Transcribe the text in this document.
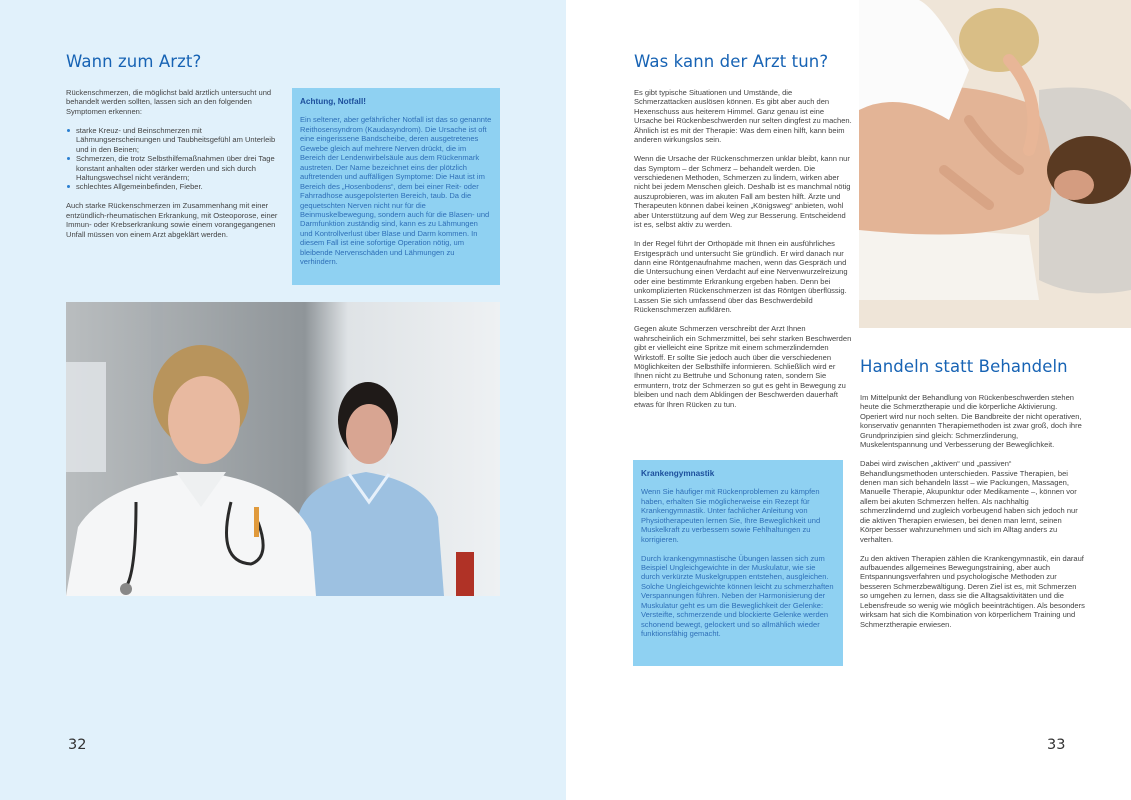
Wann zum Arzt?

Rückenschmerzen, die möglichst bald ärztlich untersucht und behandelt werden sollten, lassen sich an den folgenden Symptomen erkennen:

starke Kreuz- und Beinschmerzen mit Lähmungserscheinungen und Taubheitsgefühl am Unterleib und in den Beinen;
Schmerzen, die trotz Selbsthilfemaßnahmen über drei Tage konstant anhalten oder stärker werden und sich durch Haltungswechsel nicht verändern;
schlechtes Allgemeinbefinden, Fieber.

Auch starke Rückenschmerzen im Zusammenhang mit einer entzündlich-rheumatischen Erkrankung, mit Osteoporose, einer Immun- oder Krebserkrankung sowie einem vorangegangenen Unfall müssen von einem Arzt abgeklärt werden.

Achtung, Notfall!

Ein seltener, aber gefährlicher Notfall ist das so genannte Reithosensyndrom (Kaudasyndrom). Die Ursache ist oft eine eingerissene Bandscheibe, deren ausgetretenes Gewebe gleich auf mehrere Nerven drückt, die im Bereich der Lendenwirbelsäule aus dem Rückenmark austreten. Der Name bezeichnet eins der plötzlich auftretenden und auffälligen Symptome: Die Haut ist im Bereich des „Hosenbodens“, dem bei einer Reit- oder Fahrradhose ausgepolsterten Bereich, taub. Da die gequetschten Nerven nicht nur für die Beinmuskelbewegung, sondern auch für die Blasen- und Darmfunktion zuständig sind, kann es zu Lähmungen und Kontrollverlust über Blase und Darm kommen. In diesem Fall ist eine sofortige Operation nötig, um bleibende Nervenschäden und Lähmungen zu verhindern.

32
Was kann der Arzt tun?

Es gibt typische Situationen und Umstände, die Schmerzattacken auslösen können. Es gibt aber auch den Hexenschuss aus heiterem Himmel. Ganz genau ist eine Ursache bei Rückenbeschwerden nur selten dingfest zu machen. Ähnlich ist es mit der Therapie: Was dem einen hilft, kann beim anderen wirkungslos sein.

Wenn die Ursache der Rückenschmerzen unklar bleibt, kann nur das Symptom – der Schmerz – behandelt werden. Die verschiedenen Methoden, Schmerzen zu lindern, wirken aber nicht bei jedem Menschen gleich. Deshalb ist es manchmal nötig auszuprobieren, was im akuten Fall am besten hilft. Ärzte und Therapeuten können dabei keinen „Königsweg“ anbieten, wohl aber Unterstützung auf dem Weg zur Besserung. Entscheidend ist es, selbst aktiv zu werden.

In der Regel führt der Orthopäde mit Ihnen ein ausführliches Erstgespräch und untersucht Sie gründlich. Er wird danach nur dann eine Röntgenaufnahme machen, wenn das Gespräch und die Untersuchung einen Verdacht auf eine Nervenwurzelreizung oder eine bestimmte Erkrankung ergeben haben. Denn bei unkomplizierten Rückenschmerzen ist das Röntgen überflüssig. Lassen Sie sich umfassend über das Beschwerdebild Rückenschmerzen aufklären.

Gegen akute Schmerzen verschreibt der Arzt Ihnen wahrscheinlich ein Schmerzmittel, bei sehr starken Beschwerden gibt er vielleicht eine Spritze mit einem schmerzlindernden Wirkstoff. Er sollte Sie jedoch auch über die verschiedenen Möglichkeiten der Selbsthilfe informieren. Schließlich wird er Ihnen nicht zu Bettruhe und Schonung raten, sondern Sie ermuntern, trotz der Schmerzen so gut es geht in Bewegung zu bleiben und nach dem Abklingen der Beschwerden dauerhaft etwas für Ihren Rücken zu tun.

Krankengymnastik

Wenn Sie häufiger mit Rückenproblemen zu kämpfen haben, erhalten Sie möglicherweise ein Rezept für Krankengymnastik. Unter fachlicher Anleitung von Physiotherapeuten lernen Sie, Ihre Beweglichkeit und Muskelkraft zu verbessern sowie Fehlhaltungen zu korrigieren.

Durch krankengymnastische Übungen lassen sich zum Beispiel Ungleichgewichte in der Muskulatur, wie sie durch verkürzte Muskelgruppen entstehen, ausgleichen. Solche Ungleichgewichte können leicht zu schmerzhaften Verspannungen führen. Neben der Harmonisierung der Muskulatur geht es um die Beweglichkeit der Gelenke: Versteifte, schmerzende und blockierte Gelenke werden schonend bewegt, gelockert und so allmählich wieder funktionsfähig gemacht.

Handeln statt Behandeln

Im Mittelpunkt der Behandlung von Rückenbeschwerden stehen heute die Schmerztherapie und die körperliche Aktivierung. Operiert wird nur noch selten. Die Bandbreite der nicht operativen, konservativ genannten Therapiemethoden ist zwar groß, doch ihre Grundprinzipien sind gleich: Schmerzlinderung, Muskelentspannung und Verbesserung der Beweglichkeit.

Dabei wird zwischen „aktiven“ und „passiven“ Behandlungsmethoden unterschieden. Passive Therapien, bei denen man sich behandeln lässt – wie Packungen, Massagen, Manuelle Therapie, Akupunktur oder Medikamente –, können vor allem bei akuten Schmerzen helfen. Als nachhaltig schmerzlindernd und zugleich vorbeugend haben sich jedoch nur die aktiven Therapien erwiesen, bei denen man lernt, seinen Körper besser wahrzunehmen und sich im Alltag anders zu verhalten.

Zu den aktiven Therapien zählen die Krankengymnastik, ein darauf aufbauendes allgemeines Bewegungstraining, aber auch Entspannungsverfahren und psychologische Methoden zur besseren Schmerzbewältigung. Deren Ziel ist es, mit Schmerzen so umgehen zu lernen, dass sie die Alltagsaktivitäten und die Lebensfreude so wenig wie möglich beeinträchtigen. Als besonders wirksam hat sich die Kombination von körperlichem Training und Schmerztherapie erwiesen.

33
